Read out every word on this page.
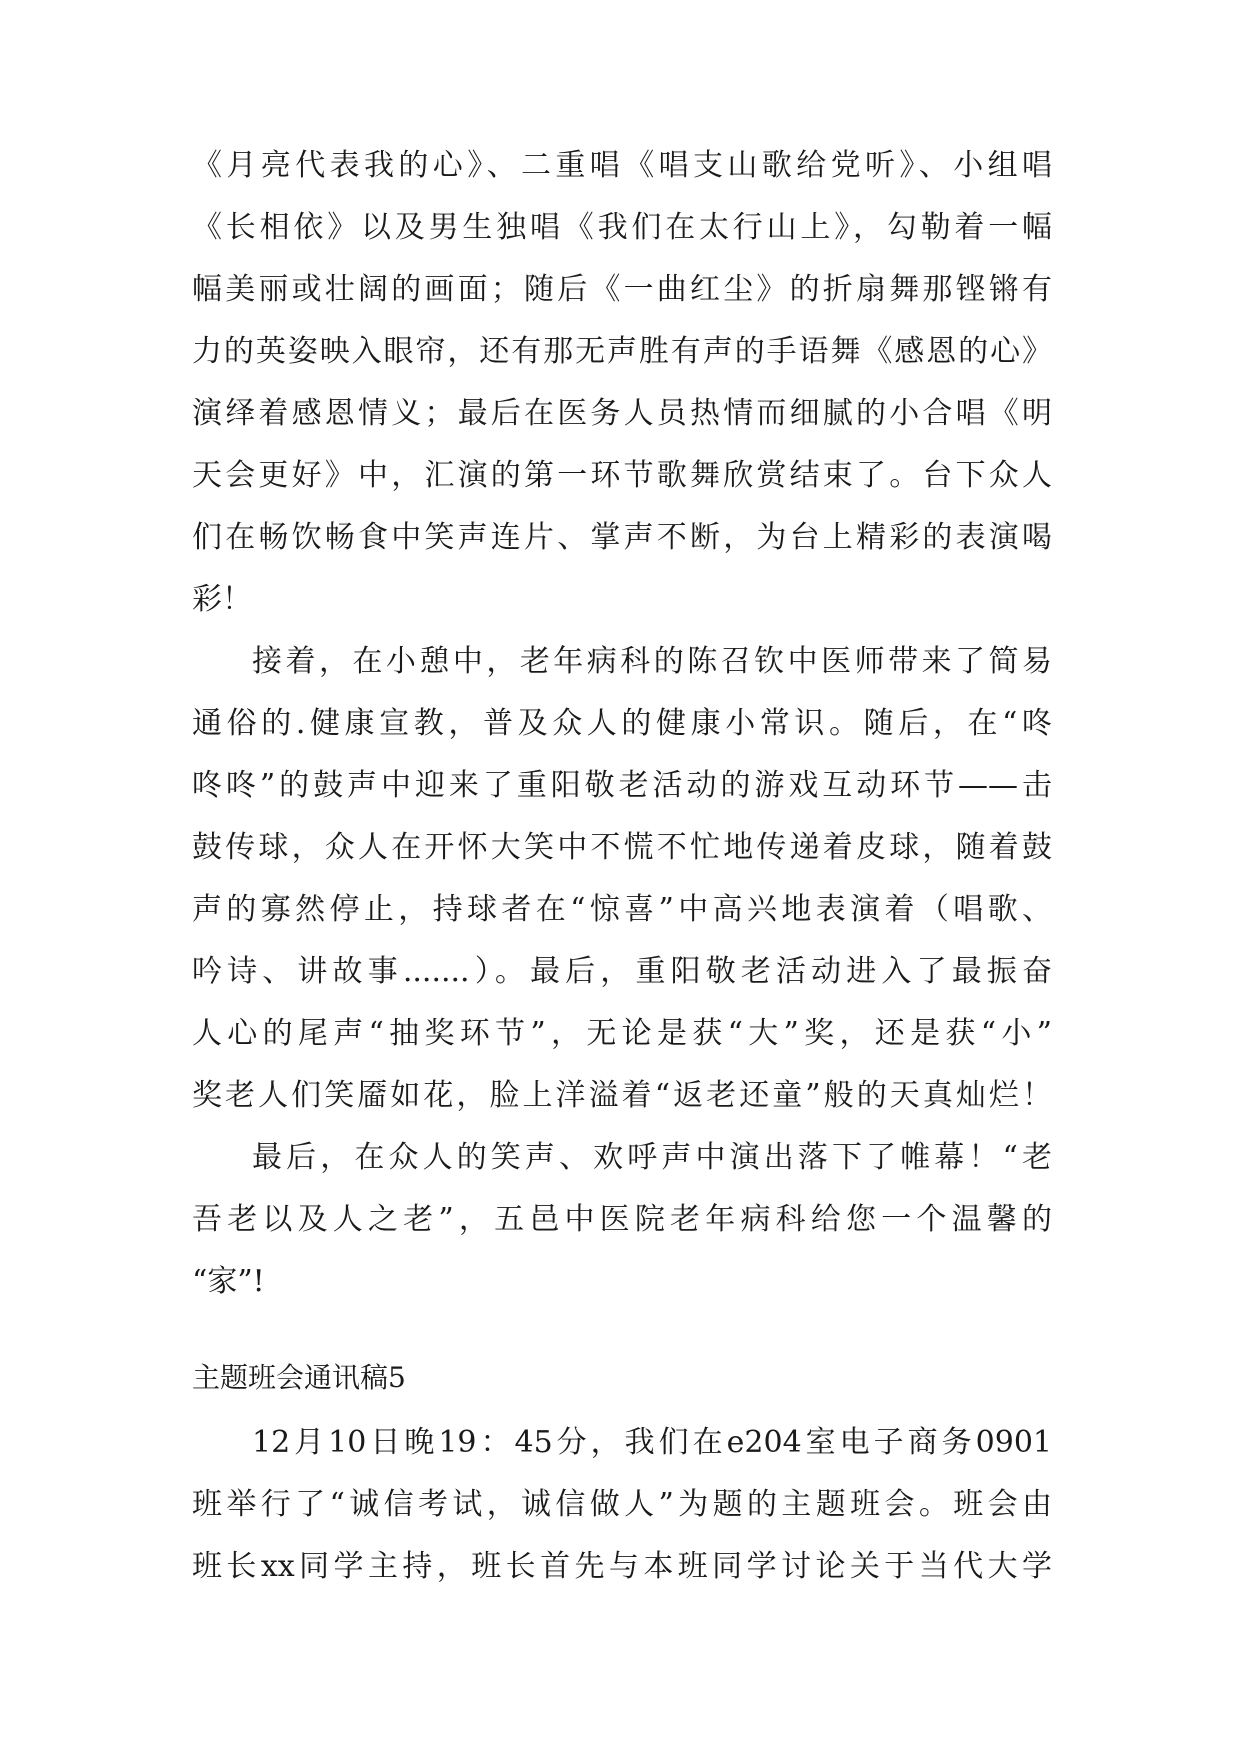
《月亮代表我的心》、二重唱《唱支山歌给党听》、小组唱
《长相依》以及男生独唱《我们在太行山上》，勾勒着一幅
幅美丽或壮阔的画面；随后《一曲红尘》的折扇舞那铿锵有
力的英姿映入眼帘，还有那无声胜有声的手语舞《感恩的心》
演绎着感恩情义；最后在医务人员热情而细腻的小合唱《明
天会更好》中，汇演的第一环节歌舞欣赏结束了。台下众人
们在畅饮畅食中笑声连片、掌声不断，为台上精彩的表演喝
彩！
接着，在小憩中，老年病科的陈召钦中医师带来了简易
通俗的.健康宣教，普及众人的健康小常识。随后，在“咚
咚咚”的鼓声中迎来了重阳敬老活动的游戏互动环节——击
鼓传球，众人在开怀大笑中不慌不忙地传递着皮球，随着鼓
声的寡然停止，持球者在“惊喜”中高兴地表演着（唱歌、
吟诗、讲故事.......）。最后，重阳敬老活动进入了最振奋
人心的尾声“抽奖环节”，无论是获“大”奖，还是获“小”
奖老人们笑靥如花，脸上洋溢着“返老还童”般的天真灿烂！
最后，在众人的笑声、欢呼声中演出落下了帷幕！“老
吾老以及人之老”，五邑中医院老年病科给您一个温馨的
“家”!
主题班会通讯稿5
12月10日晚19：45分，我们在e204室电子商务0901
班举行了“诚信考试，诚信做人”为题的主题班会。班会由
班长xx同学主持，班长首先与本班同学讨论关于当代大学
